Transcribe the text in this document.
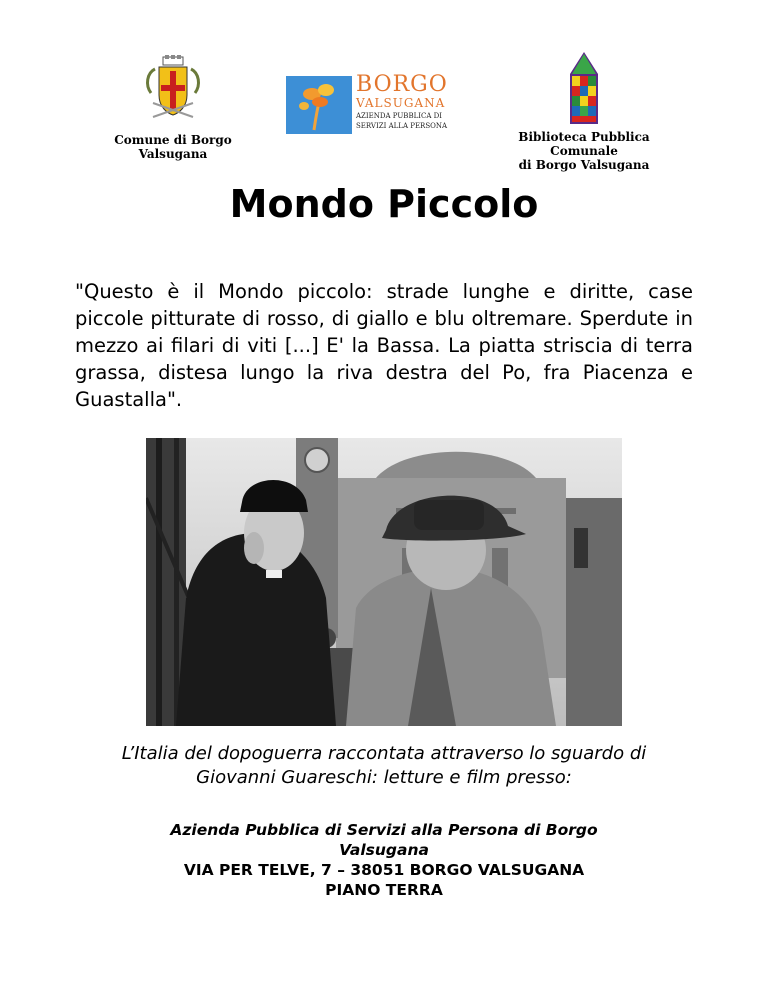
Comune di Borgo Valsugana
BORGO
VALSUGANA
AZIENDA PUBBLICA DI
SERVIZI ALLA PERSONA
Biblioteca Pubblica Comunale
di Borgo Valsugana
Mondo Piccolo
"Questo è il Mondo piccolo: strade lunghe e diritte, case piccole pitturate di rosso, di giallo e blu oltremare. Sperdute in mezzo ai filari di viti [...] E' la Bassa. La piatta striscia di terra grassa, distesa lungo la riva destra del Po, fra Piacenza e Guastalla".
L’Italia del dopoguerra raccontata attraverso lo sguardo di
Giovanni Guareschi: letture e film presso:
Azienda Pubblica di Servizi alla Persona di Borgo
Valsugana
VIA PER TELVE, 7 – 38051 BORGO VALSUGANA
PIANO TERRA
